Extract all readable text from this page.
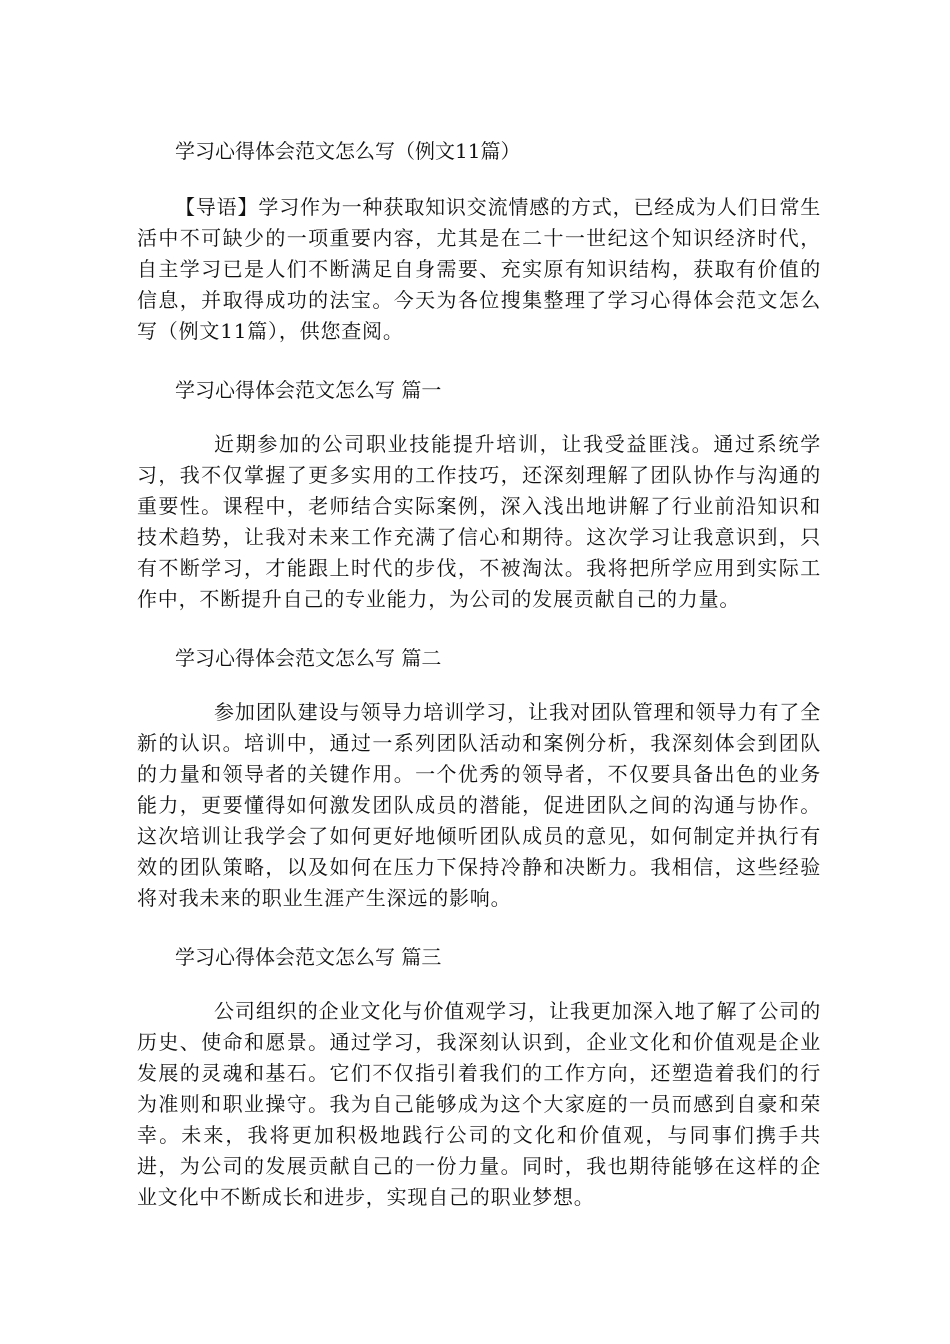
学习心得体会范文怎么写（例文11篇）
【导语】学习作为一种获取知识交流情感的方式，已经成为人们日常生活中不可缺少的一项重要内容，尤其是在二十一世纪这个知识经济时代，自主学习已是人们不断满足自身需要、充实原有知识结构，获取有价值的信息，并取得成功的法宝。今天为各位搜集整理了学习心得体会范文怎么写（例文11篇），供您查阅。
学习心得体会范文怎么写 篇一

近期参加的公司职业技能提升培训，让我受益匪浅。通过系统学习，我不仅掌握了更多实用的工作技巧，还深刻理解了团队协作与沟通的重要性。课程中，老师结合实际案例，深入浅出地讲解了行业前沿知识和技术趋势，让我对未来工作充满了信心和期待。这次学习让我意识到，只有不断学习，才能跟上时代的步伐，不被淘汰。我将把所学应用到实际工作中，不断提升自己的专业能力，为公司的发展贡献自己的力量。

学习心得体会范文怎么写 篇二

参加团队建设与领导力培训学习，让我对团队管理和领导力有了全新的认识。培训中，通过一系列团队活动和案例分析，我深刻体会到团队的力量和领导者的关键作用。一个优秀的领导者，不仅要具备出色的业务能力，更要懂得如何激发团队成员的潜能，促进团队之间的沟通与协作。这次培训让我学会了如何更好地倾听团队成员的意见，如何制定并执行有效的团队策略，以及如何在压力下保持冷静和决断力。我相信，这些经验将对我未来的职业生涯产生深远的影响。

学习心得体会范文怎么写 篇三

公司组织的企业文化与价值观学习，让我更加深入地了解了公司的历史、使命和愿景。通过学习，我深刻认识到，企业文化和价值观是企业发展的灵魂和基石。它们不仅指引着我们的工作方向，还塑造着我们的行为准则和职业操守。我为自己能够成为这个大家庭的一员而感到自豪和荣幸。未来，我将更加积极地践行公司的文化和价值观，与同事们携手共进，为公司的发展贡献自己的一份力量。同时，我也期待能够在这样的企业文化中不断成长和进步，实现自己的职业梦想。
